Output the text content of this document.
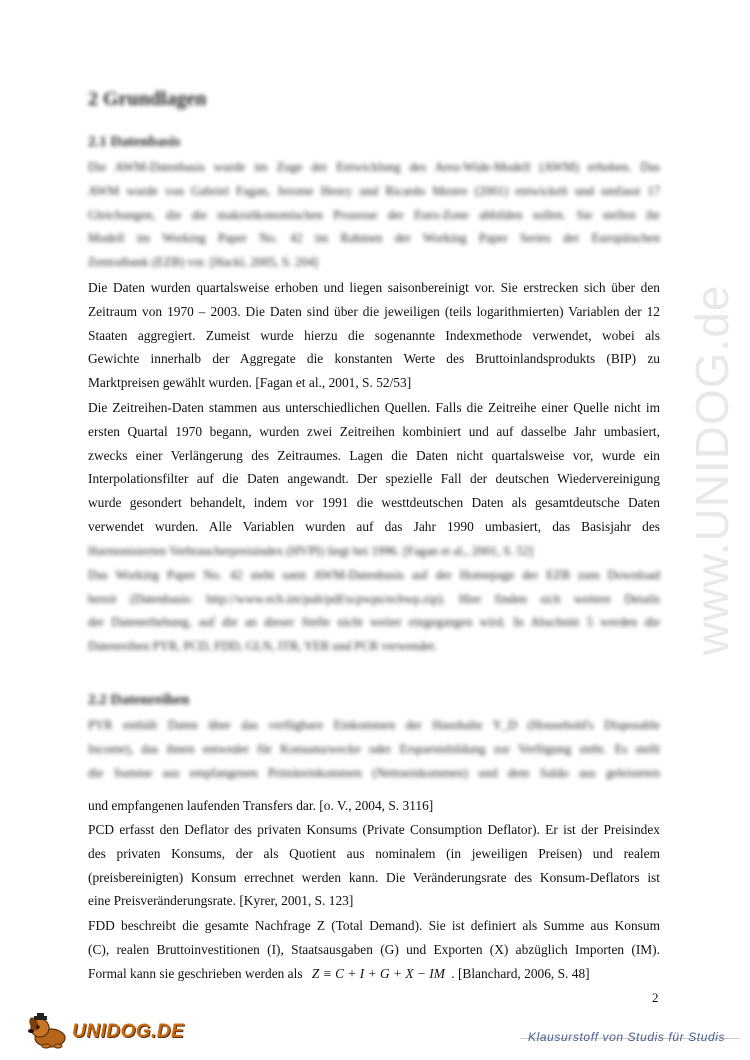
www.UNIDOG.de
2 Grundlagen
2.1 Datenbasis
Die AWM-Datenbasis wurde im Zuge der Entwicklung des Area-Wide-Modell (AWM) erhoben. Das
AWM wurde von Gabriel Fagan, Jerome Henry und Ricardo Mestre (2001) entwickelt und umfasst 17
Gleichungen, die die makroökonomischen Prozesse der Euro-Zone abbilden sollen. Sie stellen ihr
Modell im Working Paper No. 42 im Rahmen der Working Paper Series der Europäischen
Zentralbank (EZB) vor. [Hackl, 2005, S. 204]
Die Daten wurden quartalsweise erhoben und liegen saisonbereinigt vor. Sie erstrecken sich über den
Zeitraum von 1970 – 2003. Die Daten sind über die jeweiligen (teils logarithmierten) Variablen der 12
Staaten aggregiert. Zumeist wurde hierzu die sogenannte Indexmethode verwendet, wobei als
Gewichte innerhalb der Aggregate die konstanten Werte des Bruttoinlandsprodukts (BIP) zu
Marktpreisen gewählt wurden. [Fagan et al., 2001, S. 52/53]
Die Zeitreihen-Daten stammen aus unterschiedlichen Quellen. Falls die Zeitreihe einer Quelle nicht im
ersten Quartal 1970 begann, wurden zwei Zeitreihen kombiniert und auf dasselbe Jahr umbasiert,
zwecks einer Verlängerung des Zeitraumes. Lagen die Daten nicht quartalsweise vor, wurde ein
Interpolationsfilter auf die Daten angewandt. Der spezielle Fall der deutschen Wiedervereinigung
wurde gesondert behandelt, indem vor 1991 die westtdeutschen Daten als gesamtdeutsche Daten
verwendet wurden. Alle Variablen wurden auf das Jahr 1990 umbasiert, das Basisjahr des
Harmonisierten Verbraucherpreisindex (HVPI) liegt bei 1996. [Fagan et al., 2001, S. 52]
Das Working Paper No. 42 steht samt AWM-Datenbasis auf der Homepage der EZB zum Download
bereit (Datenbasis: http://www.ecb.int/pub/pdf/scpwps/ecbwp.zip). Hier finden sich weitere Details
der Datenerhebung, auf die an dieser Stelle nicht weiter eingegangen wird. In Abschnitt 5 werden die
Datenreihen PYR, PCD, FDD, GLN, ITR, YER und PCR verwendet.
2.2 Datenreihen
PYR enthält Daten über das verfügbare Einkommen der Haushalte Y_D (Household's Disposable
Income), das ihnen entweder für Konsumzwecke oder Ersparnisbildung zur Verfügung steht. Es stellt
die Summe aus empfangenen Primäreinkommen (Nettoeinkommen) und dem Saldo aus geleisteten
und empfangenen laufenden Transfers dar. [o. V., 2004, S. 3116]
PCD erfasst den Deflator des privaten Konsums (Private Consumption Deflator). Er ist der Preisindex
des privaten Konsums, der als Quotient aus nominalem (in jeweiligen Preisen) und realem
(preisbereinigten) Konsum errechnet werden kann. Die Veränderungsrate des Konsum-Deflators ist
eine Preisveränderungsrate. [Kyrer, 2001, S. 123]
FDD beschreibt die gesamte Nachfrage Z (Total Demand). Sie ist definiert als Summe aus Konsum
(C), realen Bruttoinvestitionen (I), Staatsausgaben (G) und Exporten (X) abzüglich Importen (IM).
Formal kann sie geschrieben werden als Z ≡ C + I + G + X − IM . [Blanchard, 2006, S. 48]
2
UNIDOG.DE	Klausurstoff von Studis für Studis
